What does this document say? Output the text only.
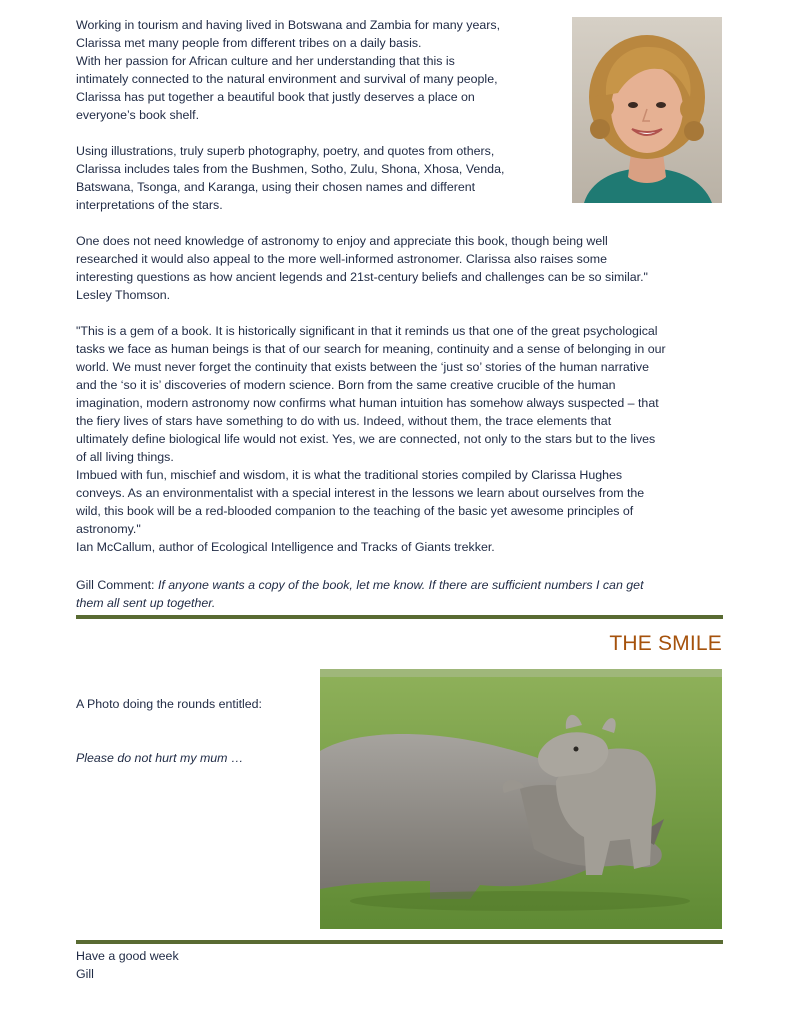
Working in tourism and having lived in Botswana and Zambia for many years,
Clarissa met many people from different tribes on a daily basis.
With her passion for African culture and her understanding that this is
intimately connected to the natural environment and survival of many people,
Clarissa has put together a beautiful book that justly deserves a place on
everyone’s book shelf.

Using illustrations, truly superb photography, poetry, and quotes from others,
Clarissa includes tales from the Bushmen, Sotho, Zulu, Shona, Xhosa, Venda,
Batswana, Tsonga, and Karanga, using their chosen names and different
interpretations of the stars.

One does not need knowledge of astronomy to enjoy and appreciate this book, though being well
researched it would also appeal to the more well-informed astronomer. Clarissa also raises some
interesting questions as how ancient legends and 21st-century beliefs and challenges can be so similar."
Lesley Thomson.

"This is a gem of a book. It is historically significant in that it reminds us that one of the great psychological
tasks we face as human beings is that of our search for meaning, continuity and a sense of belonging in our
world. We must never forget the continuity that exists between the ‘just so’ stories of the human narrative
and the ‘so it is’ discoveries of modern science. Born from the same creative crucible of the human
imagination, modern astronomy now confirms what human intuition has somehow always suspected – that
the fiery lives of stars have something to do with us. Indeed, without them, the trace elements that
ultimately define biological life would not exist. Yes, we are connected, not only to the stars but to the lives
of all living things.
Imbued with fun, mischief and wisdom, it is what the traditional stories compiled by Clarissa Hughes
conveys. As an environmentalist with a special interest in the lessons we learn about ourselves from the
wild, this book will be a red-blooded companion to the teaching of the basic yet awesome principles of
astronomy."
Ian McCallum, author of Ecological Intelligence and Tracks of Giants trekker.

Gill Comment: If anyone wants a copy of the book, let me know. If there are sufficient numbers I can get
them all sent up together.

THE SMILE

A Photo doing the rounds entitled:

Please do not hurt my mum …

Have a good week

Gill
